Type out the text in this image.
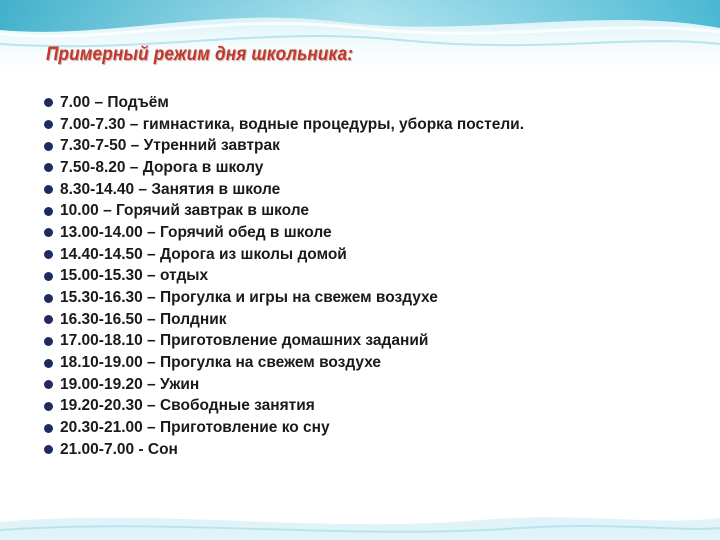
Примерный режим дня школьника:
7.00 – Подъём
7.00-7.30 – гимнастика, водные процедуры, уборка постели.
7.30-7-50 – Утренний завтрак
7.50-8.20 – Дорога в школу
8.30-14.40 – Занятия в школе
10.00 – Горячий завтрак в школе
13.00-14.00 – Горячий обед в школе
14.40-14.50 – Дорога из школы домой
15.00-15.30 – отдых
15.30-16.30 – Прогулка и игры на свежем воздухе
16.30-16.50 – Полдник
17.00-18.10 – Приготовление домашних заданий
18.10-19.00 – Прогулка на свежем воздухе
19.00-19.20 – Ужин
19.20-20.30 – Свободные занятия
20.30-21.00 – Приготовление ко сну
21.00-7.00 - Сон
